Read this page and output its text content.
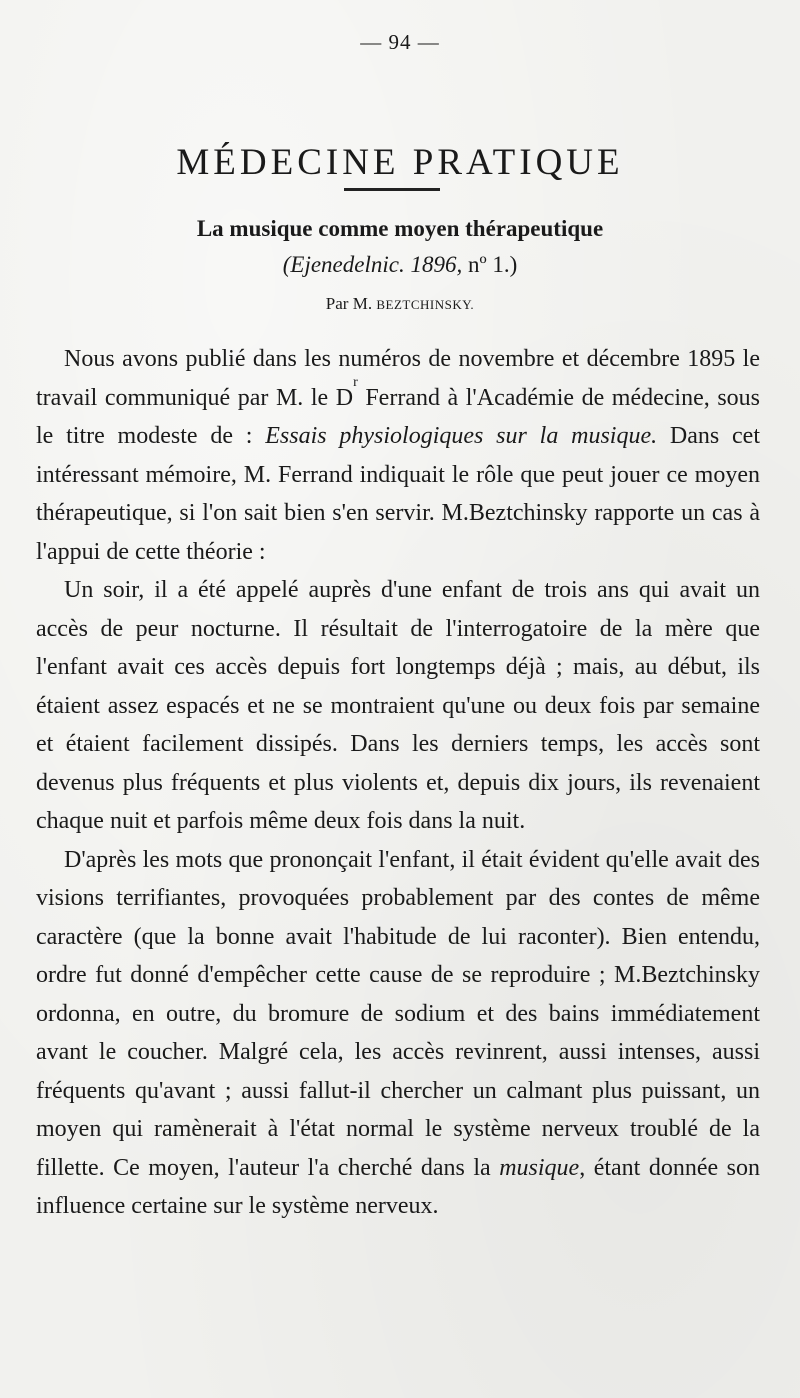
— 94 —
MÉDECINE PRATIQUE
La musique comme moyen thérapeutique
(Ejenedelnic. 1896, nº 1.)
Par M. BEZTCHINSKY.

Nous avons publié dans les numéros de novembre et décembre 1895 le travail communiqué par M. le $D^r$ Ferrand à l'Académie de médecine, sous le titre modeste de : Essais physiologiques sur la musique. Dans cet intéressant mémoire, M. Ferrand indiquait le rôle que peut jouer ce moyen thérapeutique, si l'on sait bien s'en servir. M.Beztchinsky rapporte un cas à l'appui de cette théorie :

Un soir, il a été appelé auprès d'une enfant de trois ans qui avait un accès de peur nocturne. Il résultait de l'interrogatoire de la mère que l'enfant avait ces accès depuis fort longtemps déjà ; mais, au début, ils étaient assez espacés et ne se montraient qu'une ou deux fois par semaine et étaient facilement dissipés. Dans les derniers temps, les accès sont devenus plus fréquents et plus violents et, depuis dix jours, ils revenaient chaque nuit et parfois même deux fois dans la nuit.

D'après les mots que prononçait l'enfant, il était évident qu'elle avait des visions terrifiantes, provoquées probablement par des contes de même caractère (que la bonne avait l'habitude de lui raconter). Bien entendu, ordre fut donné d'empêcher cette cause de se reproduire ; M.Beztchinsky ordonna, en outre, du bromure de sodium et des bains immédiatement avant le coucher. Malgré cela, les accès revinrent, aussi intenses, aussi fréquents qu'avant ; aussi fallut-il chercher un calmant plus puissant, un moyen qui ramènerait à l'état normal le système nerveux troublé de la fillette. Ce moyen, l'auteur l'a cherché dans la musique, étant donnée son influence certaine sur le système nerveux.
